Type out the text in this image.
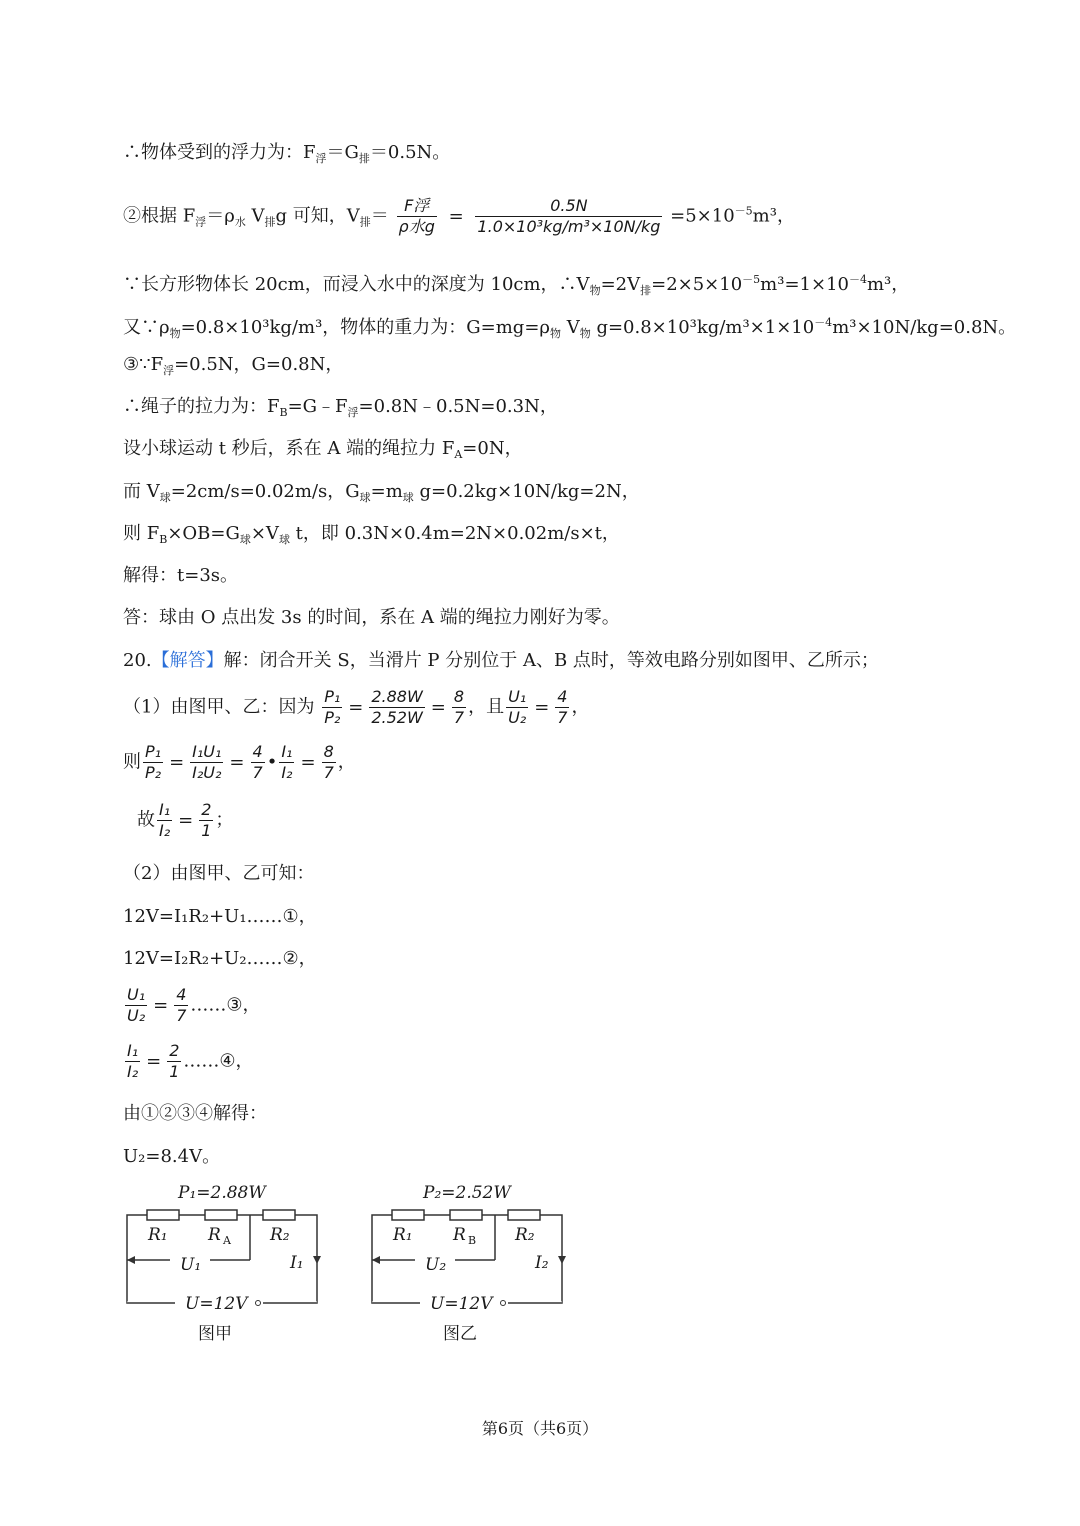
∴物体受到的浮力为：$F_浮=G_排=0.5N$。
②根据 $F_浮=\rho_水$ $V_排g$ 可知，$V_排= \frac{\text{F浮}}{\text{ρ水g}} = \frac{0.5N}{\text{1.0×10³kg/m³×10N/kg}} =5\times 10^{-5}m^3$，
∵长方形物体长 20cm，而浸入水中的深度为 10cm，$\therefore V_物=2V_排=2\times 5\times 10^{-5}m^3=1\times 10^{-4}m^3$，
又$\because\rho_物=0.8\times 10^3kg/m^3$，物体的重力为：$G=mg=\rho_物$ $V_物$ $g=0.8\times 10^3kg/m^3\times 1\times 10^{-4}m^3\times 10N/kg=0.8N$。
$③\because F_浮=0.5N$，G=0.8N，
∴绳子的拉力为：$F_B=G﹣F_浮=0.8N﹣0.5N=0.3N$，
设小球运动 t 秒后，系在 A 端的绳拉力 $F_A=0N$，
而 $V_球=2cm/s=0.02m/s$，$G_球=m_球$ g=0.2kg×10N/kg=2N，
则 $F_B\times OB=G_球\times V_球$ t，即 0.3N×0.4m=2N×0.02m/s×t，
解得：t=3s。
答：球由 O 点出发 3s 的时间，系在 A 端的绳拉力刚好为零。
20.【解答】解：闭合开关 S，当滑片 P 分别位于 A、B 点时，等效电路分别如图甲、乙所示；
（1）由图甲、乙：因为 $\frac{\text{P₁}}{\text{P₂}} = \frac{2.88W}{2.52W} = \frac{8}{7}$ ，且 $\frac{\text{U₁}}{\text{U₂}} = \frac{4}{7}$ ，
则 $\frac{\text{P₁}}{\text{P₂}} = \frac{\text{I₁U₁}}{\text{I₂U₂}} = \frac{4}{7}$ • $\frac{\text{I₁}}{\text{I₂}} = \frac{8}{7}$ ，
故 $\frac{\text{I₁}}{\text{I₂}} = \frac{2}{1}$ ；
（2）由图甲、乙可知：
12V=I₁R₂+U₁……①，
12V=I₂R₂+U₂……②，
$\frac{\text{U₁}}{\text{U₂}} = \frac{4}{7}$ ……③，
$\frac{\text{I₁}}{\text{I₂}} = \frac{2}{1}$ ……④，
由①②③④解得：
U₂=8.4V。
P₁=2.88W
R₁ R A R₂
U₁	I₁
U=12V
图甲
P₂=2.52W
R₁ R B R₂
U₂	I₂
U=12V
图乙
第6页（共6页）
